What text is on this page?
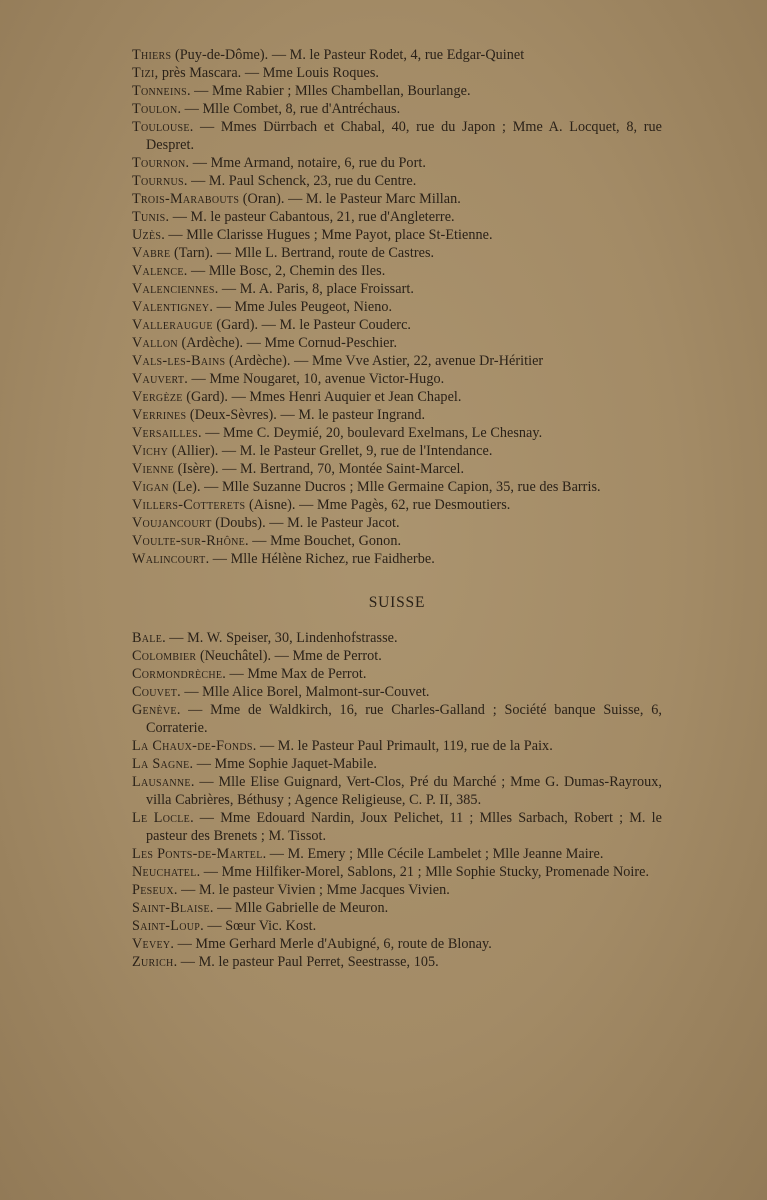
Thiers (Puy-de-Dôme). — M. le Pasteur Rodet, 4, rue Edgar-Quinet
Tizi, près Mascara. — Mme Louis Roques.
Tonneins. — Mme Rabier ; Mlles Chambellan, Bourlange.
Toulon. — Mlle Combet, 8, rue d'Antréchaus.
Toulouse. — Mmes Dürrbach et Chabal, 40, rue du Japon ; Mme A. Locquet, 8, rue Despret.
Tournon. — Mme Armand, notaire, 6, rue du Port.
Tournus. — M. Paul Schenck, 23, rue du Centre.
Trois-Marabouts (Oran). — M. le Pasteur Marc Millan.
Tunis. — M. le pasteur Cabantous, 21, rue d'Angleterre.
Uzès. — Mlle Clarisse Hugues ; Mme Payot, place St-Etienne.
Vabre (Tarn). — Mlle L. Bertrand, route de Castres.
Valence. — Mlle Bosc, 2, Chemin des Iles.
Valenciennes. — M. A. Paris, 8, place Froissart.
Valentigney. — Mme Jules Peugeot, Nieno.
Valleraugue (Gard). — M. le Pasteur Couderc.
Vallon (Ardèche). — Mme Cornud-Peschier.
Vals-les-Bains (Ardèche). — Mme Vve Astier, 22, avenue Dr-Héritier
Vauvert. — Mme Nougaret, 10, avenue Victor-Hugo.
Vergèze (Gard). — Mmes Henri Auquier et Jean Chapel.
Verrines (Deux-Sèvres). — M. le pasteur Ingrand.
Versailles. — Mme C. Deymié, 20, boulevard Exelmans, Le Chesnay.
Vichy (Allier). — M. le Pasteur Grellet, 9, rue de l'Intendance.
Vienne (Isère). — M. Bertrand, 70, Montée Saint-Marcel.
Vigan (Le). — Mlle Suzanne Ducros ; Mlle Germaine Capion, 35, rue des Barris.
Villers-Cotterets (Aisne). — Mme Pagès, 62, rue Desmoutiers.
Voujancourt (Doubs). — M. le Pasteur Jacot.
Voulte-sur-Rhône. — Mme Bouchet, Gonon.
Walincourt. — Mlle Hélène Richez, rue Faidherbe.
SUISSE
Bale. — M. W. Speiser, 30, Lindenhofstrasse.
Colombier (Neuchâtel). — Mme de Perrot.
Cormondrèche. — Mme Max de Perrot.
Couvet. — Mlle Alice Borel, Malmont-sur-Couvet.
Genève. — Mme de Waldkirch, 16, rue Charles-Galland ; Société banque Suisse, 6, Corraterie.
La Chaux-de-Fonds. — M. le Pasteur Paul Primault, 119, rue de la Paix.
La Sagne. — Mme Sophie Jaquet-Mabile.
Lausanne. — Mlle Elise Guignard, Vert-Clos, Pré du Marché ; Mme G. Dumas-Rayroux, villa Cabrières, Béthusy ; Agence Religieuse, C. P. II, 385.
Le Locle. — Mme Edouard Nardin, Joux Pelichet, 11 ; Mlles Sarbach, Robert ; M. le pasteur des Brenets ; M. Tissot.
Les Ponts-de-Martel. — M. Emery ; Mlle Cécile Lambelet ; Mlle Jeanne Maire.
Neuchatel. — Mme Hilfiker-Morel, Sablons, 21 ; Mlle Sophie Stucky, Promenade Noire.
Peseux. — M. le pasteur Vivien ; Mme Jacques Vivien.
Saint-Blaise. — Mlle Gabrielle de Meuron.
Saint-Loup. — Sœur Vic. Kost.
Vevey. — Mme Gerhard Merle d'Aubigné, 6, route de Blonay.
Zurich. — M. le pasteur Paul Perret, Seestrasse, 105.
